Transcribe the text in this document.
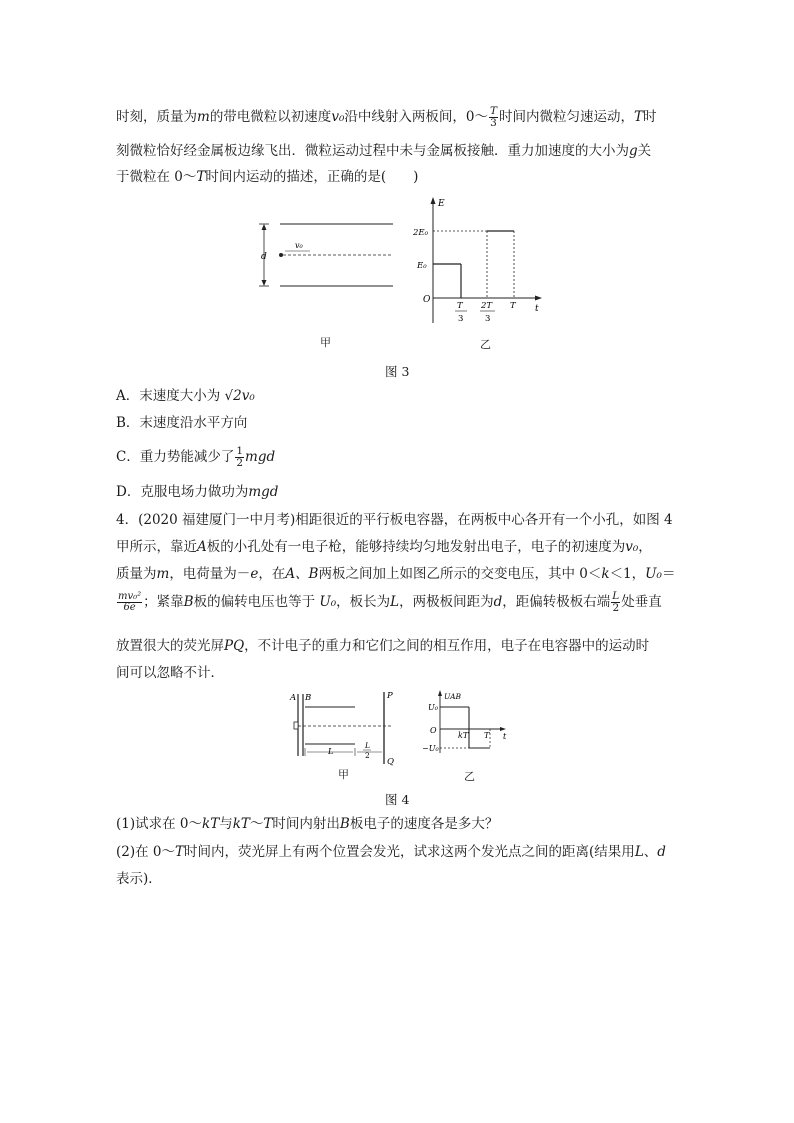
时刻，质量为m的带电微粒以初速度v₀沿中线射入两板间，0～ $\frac{T}{3}$ 时间内微粒匀速运动，T时
刻微粒恰好经金属板边缘飞出．微粒运动过程中未与金属板接触．重力加速度的大小为g关
于微粒在 0～T时间内运动的描述，正确的是(　　)
d
v₀
E
t
O
2E₀
E₀
T
3
2T
3
T
甲	乙
图 3
A．末速度大小为 √2v₀
B．末速度沿水平方向
C．重力势能减少了 $\frac{1}{2}$ mgd
D．克服电场力做功为mgd
4．(2020 福建厦门一中月考)相距很近的平行板电容器，在两板中心各开有一个小孔，如图 4
甲所示，靠近A板的小孔处有一电子枪，能够持续均匀地发射出电子，电子的初速度为v₀，
质量为m，电荷量为－e，在A、B两板之间加上如图乙所示的交变电压，其中 0＜k＜1，U₀＝
$\frac{\text{mv₀²}}{6e}$ ；紧靠B板的偏转电压也等于 U₀，板长为L，两极板间距为d，距偏转极板右端 $\frac{L}{2}$ 处垂直
放置很大的荧光屏PQ，不计电子的重力和它们之间的相互作用，电子在电容器中的运动时
间可以忽略不计．
A B	P
Q
L
L
2
UAB
U₀
O
−U₀
t
kT T
甲	乙
图 4
(1)试求在 0～kT与kT～T时间内射出B板电子的速度各是多大？
(2)在 0～T时间内，荧光屏上有两个位置会发光，试求这两个发光点之间的距离(结果用L、d
表示)．
